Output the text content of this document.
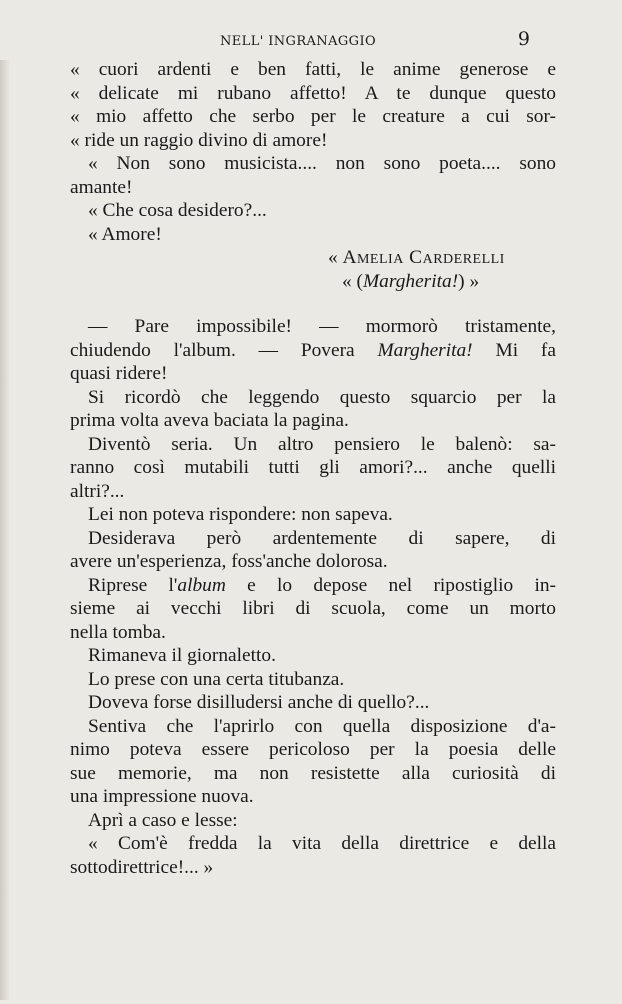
NELL' INGRANAGGIO	9
« cuori ardenti e ben fatti, le anime generose e
« delicate mi rubano affetto! A te dunque questo
« mio affetto che serbo per le creature a cui sor-
« ride un raggio divino di amore!
« Non sono musicista.... non sono poeta.... sono
amante!
« Che cosa desidero?...
« Amore!
« Amelia Carderelli
« (Margherita!) »
— Pare impossibile! — mormorò tristamente,
chiudendo l'album. — Povera Margherita! Mi fa
quasi ridere!
Si ricordò che leggendo questo squarcio per la
prima volta aveva baciata la pagina.
Diventò seria. Un altro pensiero le balenò: sa-
ranno così mutabili tutti gli amori?... anche quelli
altri?...
Lei non poteva rispondere: non sapeva.
Desiderava però ardentemente di sapere, di
avere un'esperienza, foss'anche dolorosa.
Riprese l'album e lo depose nel ripostiglio in-
sieme ai vecchi libri di scuola, come un morto
nella tomba.
Rimaneva il giornaletto.
Lo prese con una certa titubanza.
Doveva forse disilludersi anche di quello?...
Sentiva che l'aprirlo con quella disposizione d'a-
nimo poteva essere pericoloso per la poesia delle
sue memorie, ma non resistette alla curiosità di
una impressione nuova.
Aprì a caso e lesse:
« Com'è fredda la vita della direttrice e della
sottodirettrice!... »
